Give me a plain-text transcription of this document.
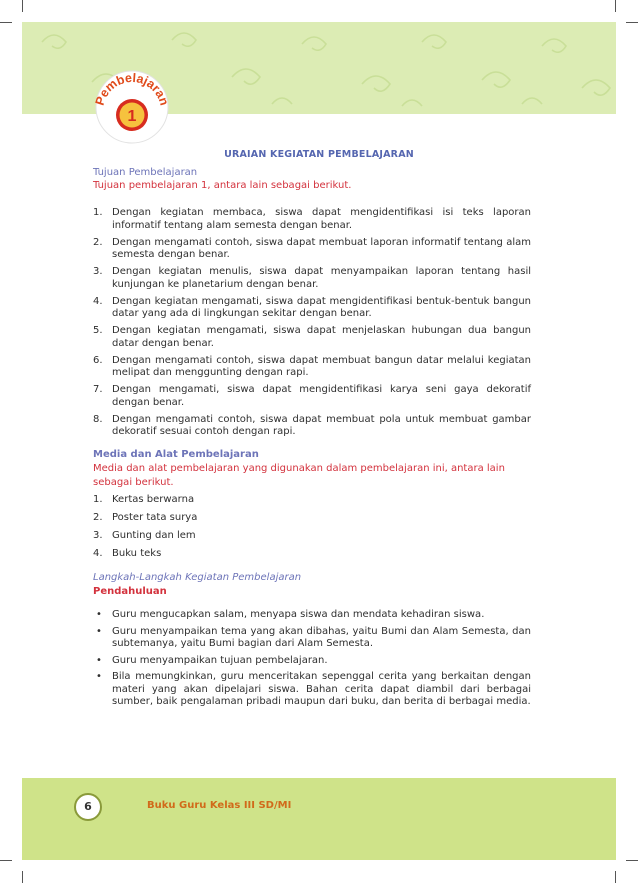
Pembelajaran
1
URAIAN KEGIATAN PEMBELAJARAN
Tujuan Pembelajaran
Tujuan pembelajaran 1, antara lain sebagai berikut.
1. Dengan kegiatan membaca, siswa dapat mengidentifikasi isi teks laporan informatif tentang alam semesta dengan benar.
2. Dengan mengamati contoh, siswa dapat membuat laporan informatif tentang alam semesta dengan benar.
3. Dengan kegiatan menulis, siswa dapat menyampaikan laporan tentang hasil kunjungan ke planetarium dengan benar.
4. Dengan kegiatan mengamati, siswa dapat mengidentifikasi bentuk-bentuk bangun datar yang ada di lingkungan sekitar dengan benar.
5. Dengan kegiatan mengamati, siswa dapat menjelaskan hubungan dua bangun datar dengan benar.
6. Dengan mengamati contoh, siswa dapat membuat bangun datar melalui kegiatan melipat dan menggunting dengan rapi.
7. Dengan mengamati, siswa dapat mengidentifikasi karya seni gaya dekoratif dengan benar.
8. Dengan mengamati contoh, siswa dapat membuat pola untuk membuat gambar dekoratif sesuai contoh dengan rapi.
Media dan Alat Pembelajaran
Media dan alat pembelajaran yang digunakan dalam pembelajaran ini, antara lain sebagai berikut.
1. Kertas berwarna
2. Poster tata surya
3. Gunting dan lem
4. Buku teks
Langkah-Langkah Kegiatan Pembelajaran
Pendahuluan
• Guru mengucapkan salam, menyapa siswa dan mendata kehadiran siswa.
• Guru menyampaikan tema yang akan dibahas, yaitu Bumi dan Alam Semesta, dan subtemanya, yaitu Bumi bagian dari Alam Semesta.
• Guru menyampaikan tujuan pembelajaran.
• Bila memungkinkan, guru menceritakan sepenggal cerita yang berkaitan dengan materi yang akan dipelajari siswa. Bahan cerita dapat diambil dari berbagai sumber, baik pengalaman pribadi maupun dari buku, dan berita di berbagai media.
6	Buku Guru Kelas III SD/MI
